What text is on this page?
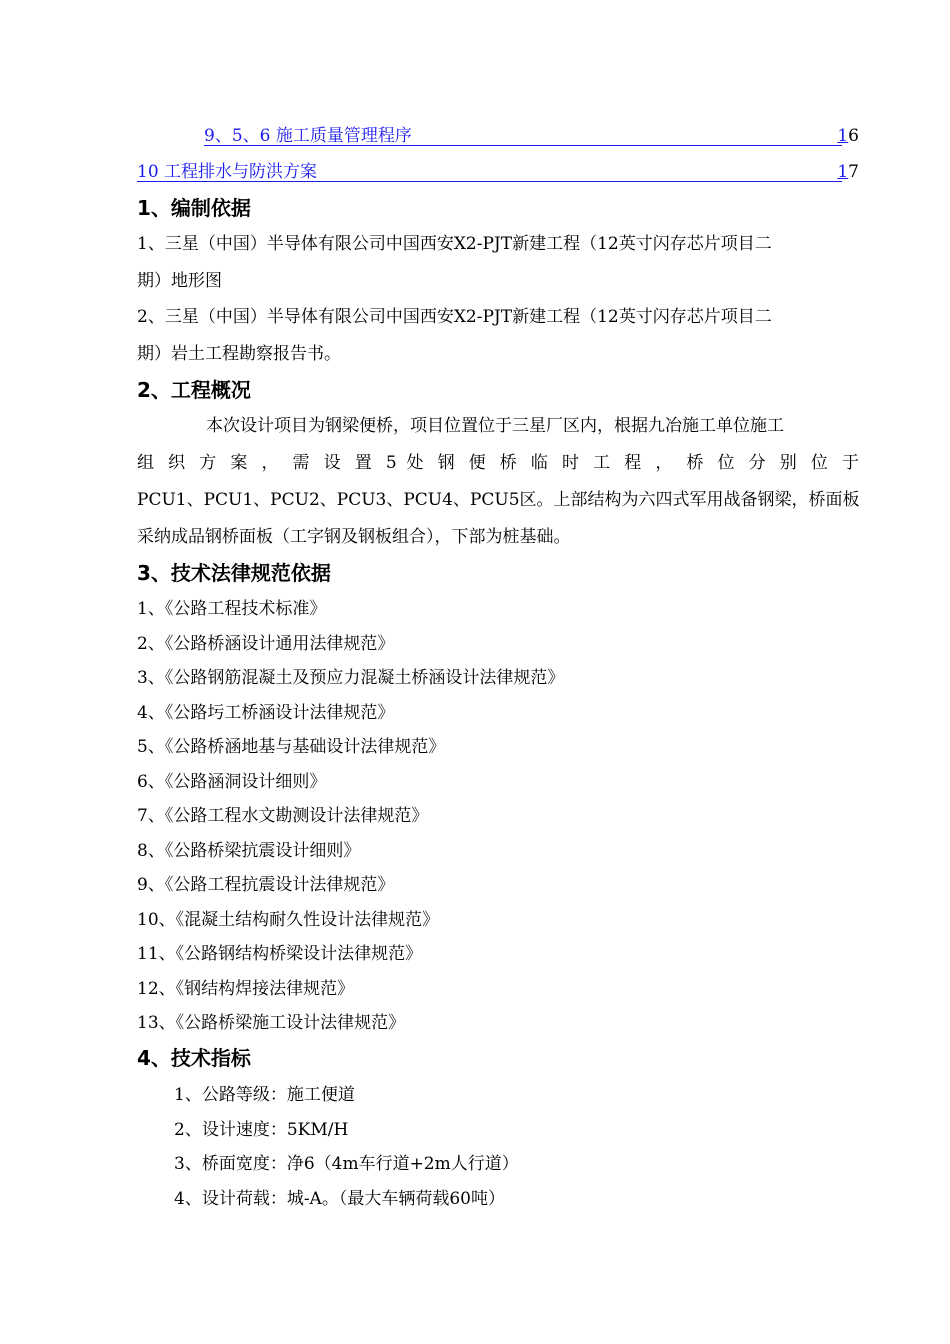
9、5、6 施工质量管理程序	16
10 工程排水与防洪方案	17
1、编制依据
1、三星（中国）半导体有限公司中国西安X2-PJT新建工程（12英寸闪存芯片项目二
期）地形图
2、三星（中国）半导体有限公司中国西安X2-PJT新建工程（12英寸闪存芯片项目二
期）岩土工程勘察报告书。
2、工程概况
本次设计项目为钢梁便桥，项目位置位于三星厂区内，根据九冶施工单位施工
组 织 方 案 ， 需 设 置 5 处 钢 便 桥 临 时 工 程 ， 桥 位 分 别 位 于
PCU1、PCU1、PCU2、PCU3、PCU4、PCU5区。上部结构为六四式军用战备钢梁，桥面板
采纳成品钢桥面板（工字钢及钢板组合），下部为桩基础。
3、技术法律规范依据
1、《公路工程技术标准》
2、《公路桥涵设计通用法律规范》
3、《公路钢筋混凝土及预应力混凝土桥涵设计法律规范》
4、《公路圬工桥涵设计法律规范》
5、《公路桥涵地基与基础设计法律规范》
6、《公路涵洞设计细则》
7、《公路工程水文勘测设计法律规范》
8、《公路桥梁抗震设计细则》
9、《公路工程抗震设计法律规范》
10、《混凝土结构耐久性设计法律规范》
11、《公路钢结构桥梁设计法律规范》
12、《钢结构焊接法律规范》
13、《公路桥梁施工设计法律规范》
4、技术指标
1、公路等级：施工便道
2、设计速度：5KM/H
3、桥面宽度：净6（4m车行道+2m人行道）
4、设计荷载：城-A。（最大车辆荷载60吨）
